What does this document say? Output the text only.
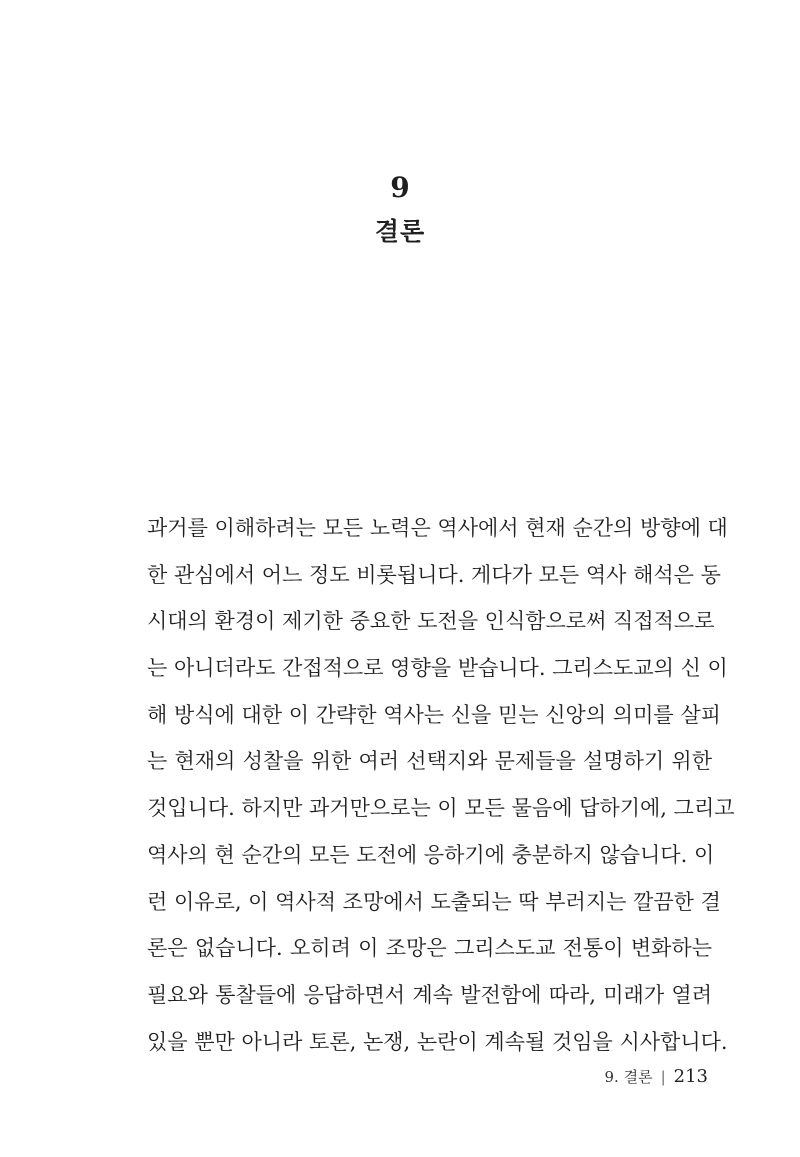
9
결론
과거를 이해하려는 모든 노력은 역사에서 현재 순간의 방향에 대
한 관심에서 어느 정도 비롯됩니다. 게다가 모든 역사 해석은 동
시대의 환경이 제기한 중요한 도전을 인식함으로써 직접적으로
는 아니더라도 간접적으로 영향을 받습니다. 그리스도교의 신 이
해 방식에 대한 이 간략한 역사는 신을 믿는 신앙의 의미를 살피
는 현재의 성찰을 위한 여러 선택지와 문제들을 설명하기 위한
것입니다. 하지만 과거만으로는 이 모든 물음에 답하기에, 그리고
역사의 현 순간의 모든 도전에 응하기에 충분하지 않습니다. 이
런 이유로, 이 역사적 조망에서 도출되는 딱 부러지는 깔끔한 결
론은 없습니다. 오히려 이 조망은 그리스도교 전통이 변화하는
필요와 통찰들에 응답하면서 계속 발전함에 따라, 미래가 열려
있을 뿐만 아니라 토론, 논쟁, 논란이 계속될 것임을 시사합니다.
9. 결론 | 213
